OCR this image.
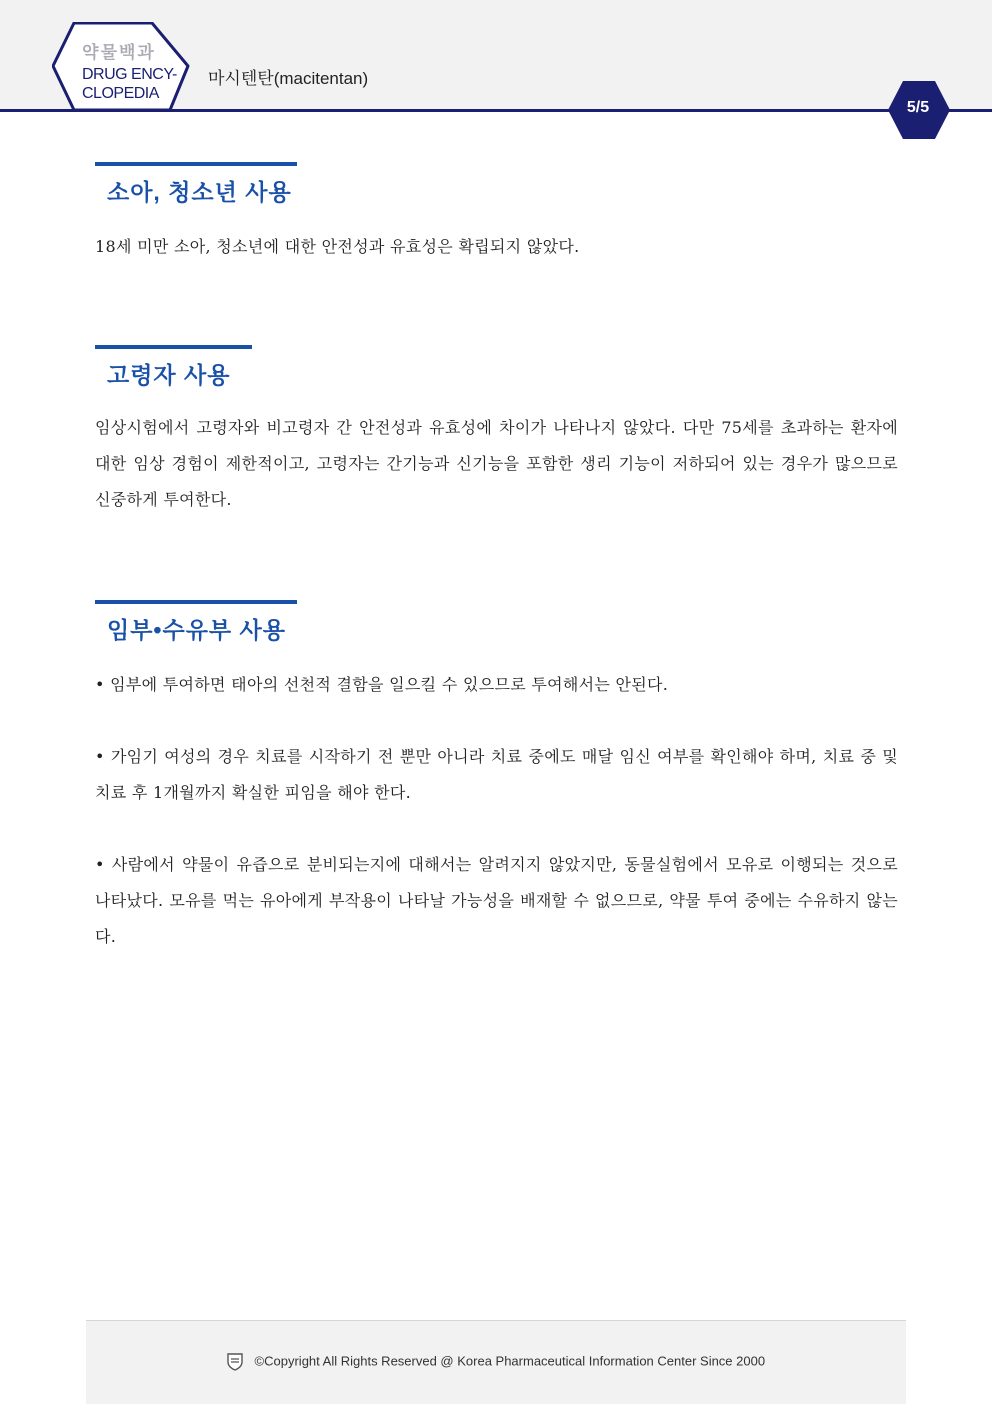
약물백과
DRUG ENCY-
CLOPEDIA
마시텐탄(macitentan)
5/5
소아, 청소년 사용
18세 미만 소아, 청소년에 대한 안전성과 유효성은 확립되지 않았다.
고령자 사용
임상시험에서 고령자와 비고령자 간 안전성과 유효성에 차이가 나타나지 않았다. 다만 75세를 초과하는 환자에 대한 임상 경험이 제한적이고, 고령자는 간기능과 신기능을 포함한 생리 기능이 저하되어 있는 경우가 많으므로 신중하게 투여한다.
임부•수유부 사용
• 임부에 투여하면 태아의 선천적 결함을 일으킬 수 있으므로 투여해서는 안된다.
• 가임기 여성의 경우 치료를 시작하기 전 뿐만 아니라 치료 중에도 매달 임신 여부를 확인해야 하며, 치료 중 및 치료 후 1개월까지 확실한 피임을 해야 한다.
• 사람에서 약물이 유즙으로 분비되는지에 대해서는 알려지지 않았지만, 동물실험에서 모유로 이행되는 것으로 나타났다. 모유를 먹는 유아에게 부작용이 나타날 가능성을 배재할 수 없으므로, 약물 투여 중에는 수유하지 않는다.
©Copyright All Rights Reserved @ Korea Pharmaceutical Information Center Since 2000
